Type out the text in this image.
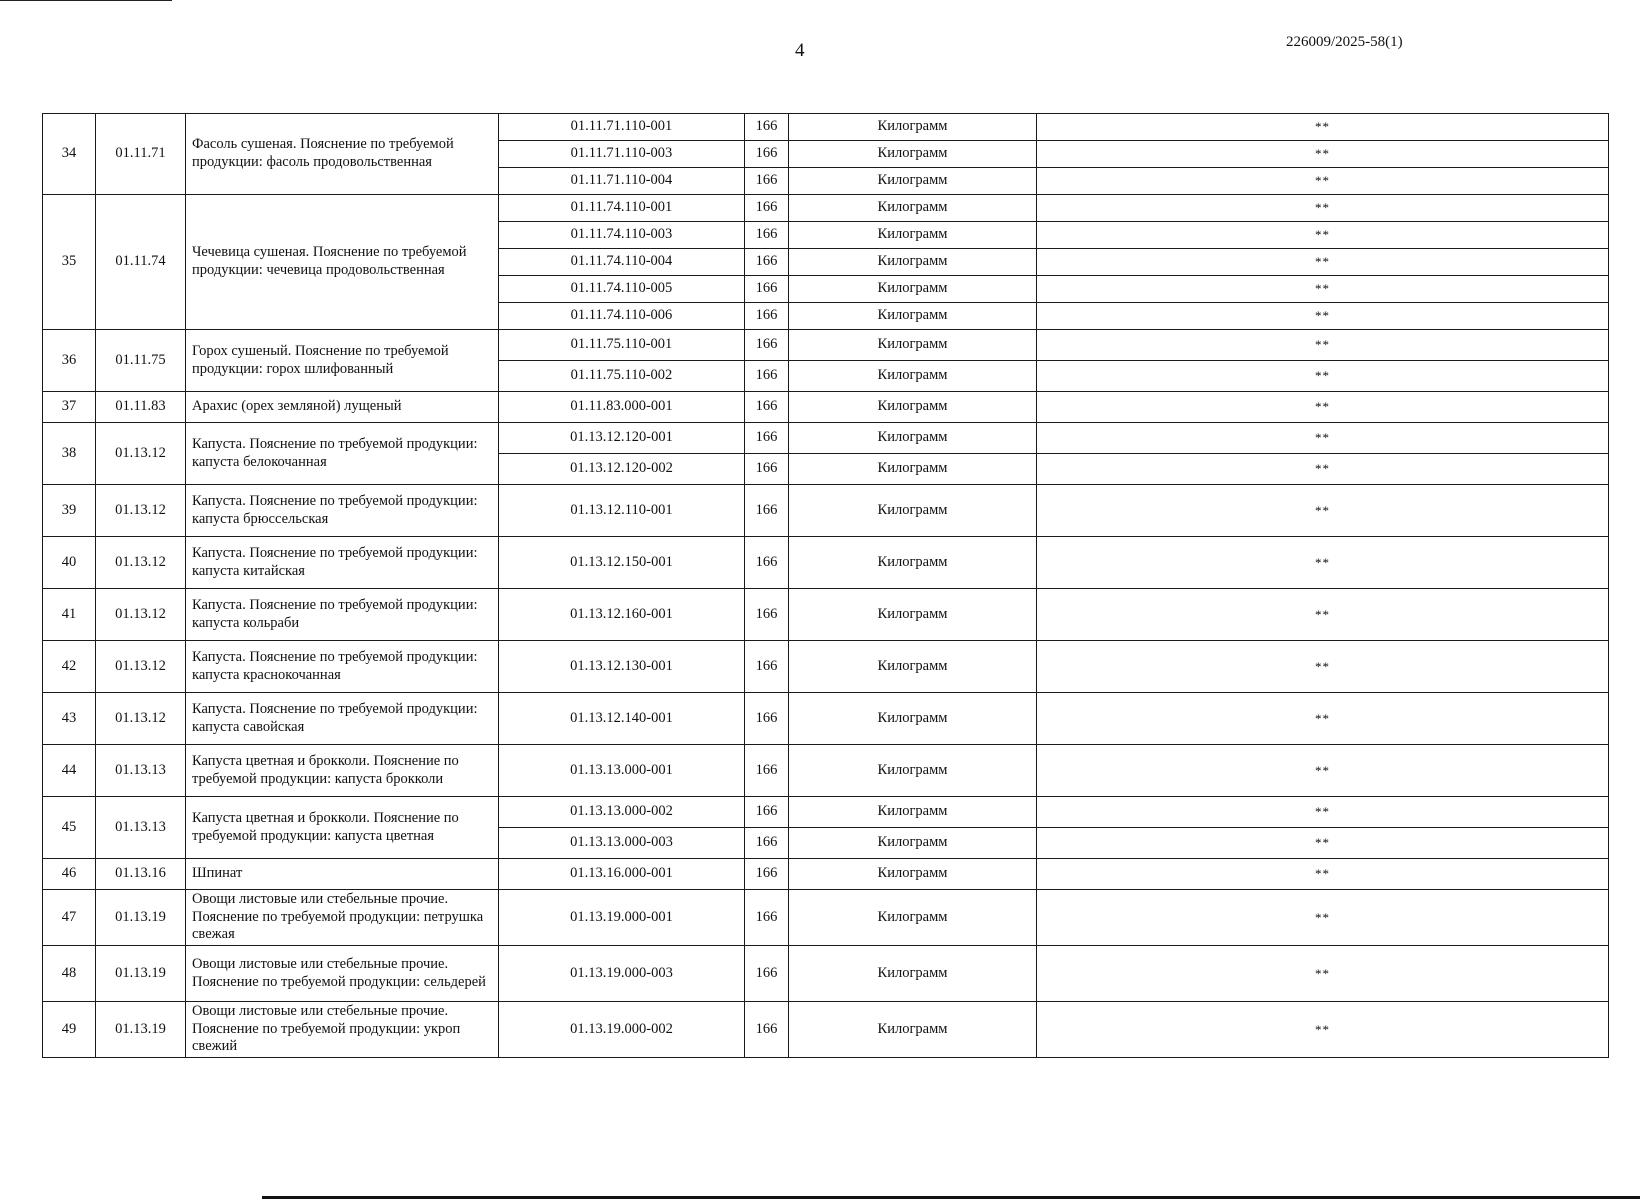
4	226009/2025-58(1)
34	01.11.71	Фасоль сушеная. Пояснение по требуемой продукции: фасоль продовольственная	01.11.71.110-001	166	Килограмм	**
			01.11.71.110-003	166	Килограмм	**
			01.11.71.110-004	166	Килограмм	**
35	01.11.74	Чечевица сушеная. Пояснение по требуемой продукции: чечевица продовольственная	01.11.74.110-001	166	Килограмм	**
			01.11.74.110-003	166	Килограмм	**
			01.11.74.110-004	166	Килограмм	**
			01.11.74.110-005	166	Килограмм	**
			01.11.74.110-006	166	Килограмм	**
36	01.11.75	Горох сушеный. Пояснение по требуемой продукции: горох шлифованный	01.11.75.110-001	166	Килограмм	**
			01.11.75.110-002	166	Килограмм	**
37	01.11.83	Арахис (орех земляной) лущеный	01.11.83.000-001	166	Килограмм	**
38	01.13.12	Капуста. Пояснение по требуемой продукции: капуста белокочанная	01.13.12.120-001	166	Килограмм	**
			01.13.12.120-002	166	Килограмм	**
39	01.13.12	Капуста. Пояснение по требуемой продукции: капуста брюссельская	01.13.12.110-001	166	Килограмм	**
40	01.13.12	Капуста. Пояснение по требуемой продукции: капуста китайская	01.13.12.150-001	166	Килограмм	**
41	01.13.12	Капуста. Пояснение по требуемой продукции: капуста кольраби	01.13.12.160-001	166	Килограмм	**
42	01.13.12	Капуста. Пояснение по требуемой продукции: капуста краснокочанная	01.13.12.130-001	166	Килограмм	**
43	01.13.12	Капуста. Пояснение по требуемой продукции: капуста савойская	01.13.12.140-001	166	Килограмм	**
44	01.13.13	Капуста цветная и брокколи. Пояснение по требуемой продукции: капуста брокколи	01.13.13.000-001	166	Килограмм	**
45	01.13.13	Капуста цветная и брокколи. Пояснение по требуемой продукции: капуста цветная	01.13.13.000-002	166	Килограмм	**
			01.13.13.000-003	166	Килограмм	**
46	01.13.16	Шпинат	01.13.16.000-001	166	Килограмм	**
47	01.13.19	Овощи листовые или стебельные прочие. Пояснение по требуемой продукции: петрушка свежая	01.13.19.000-001	166	Килограмм	**
48	01.13.19	Овощи листовые или стебельные прочие. Пояснение по требуемой продукции: сельдерей	01.13.19.000-003	166	Килограмм	**
49	01.13.19	Овощи листовые или стебельные прочие. Пояснение по требуемой продукции: укроп свежий	01.13.19.000-002	166	Килограмм	**
